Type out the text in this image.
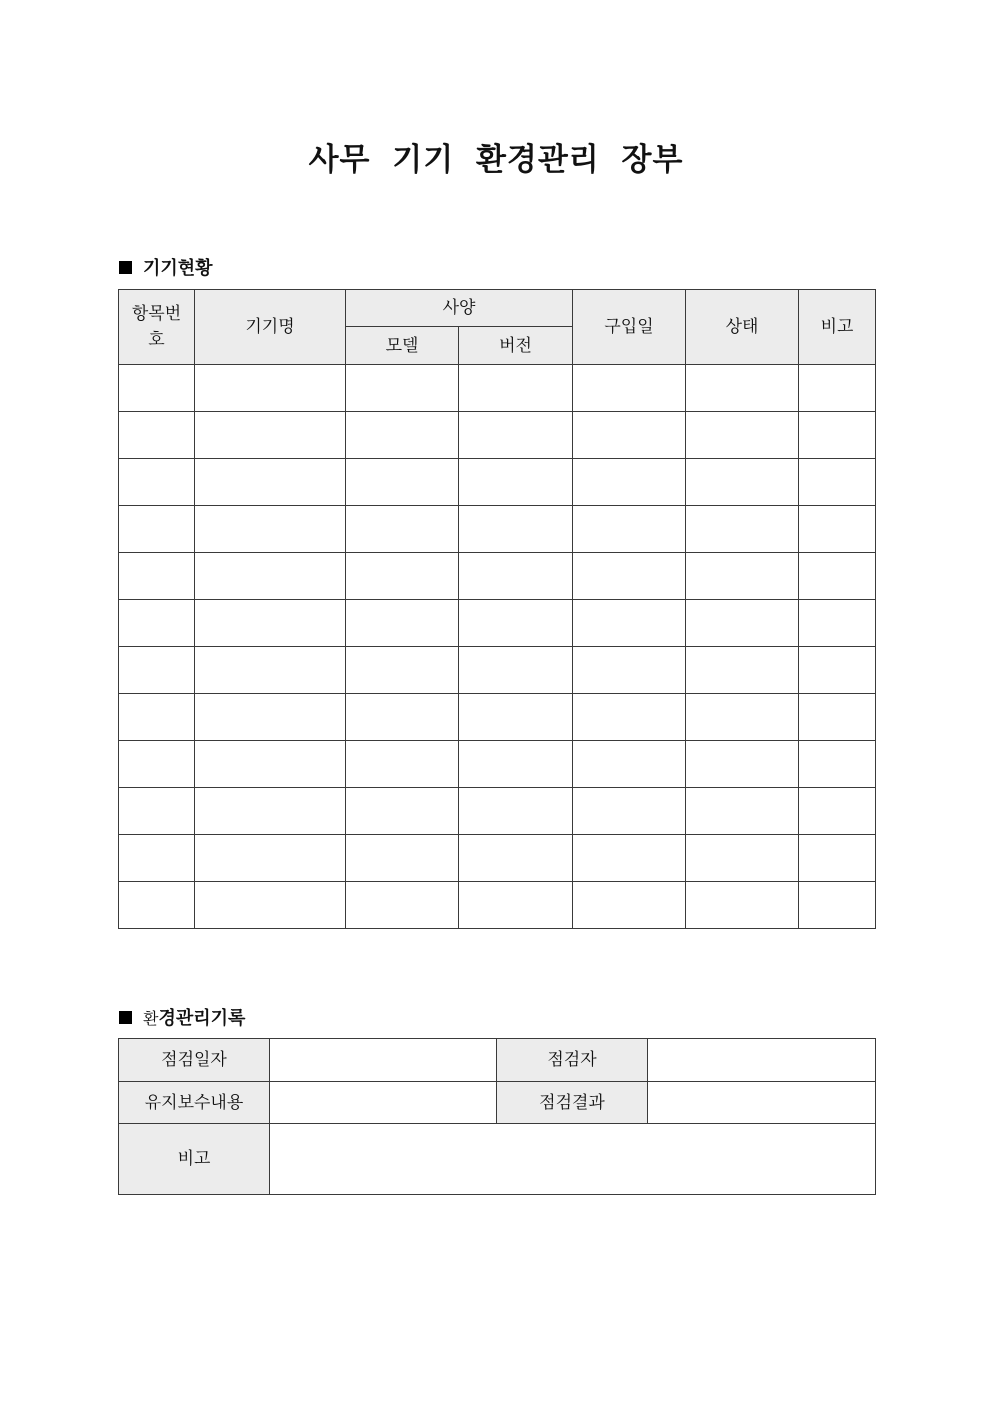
사무 기기 환경관리 장부
기기현황
항목번호	기기명	사양		구입일	상태	비고
		모델	버전			

환 경관리기록
점검일자		점검자	
유지보수내용		점검결과	
비고			
